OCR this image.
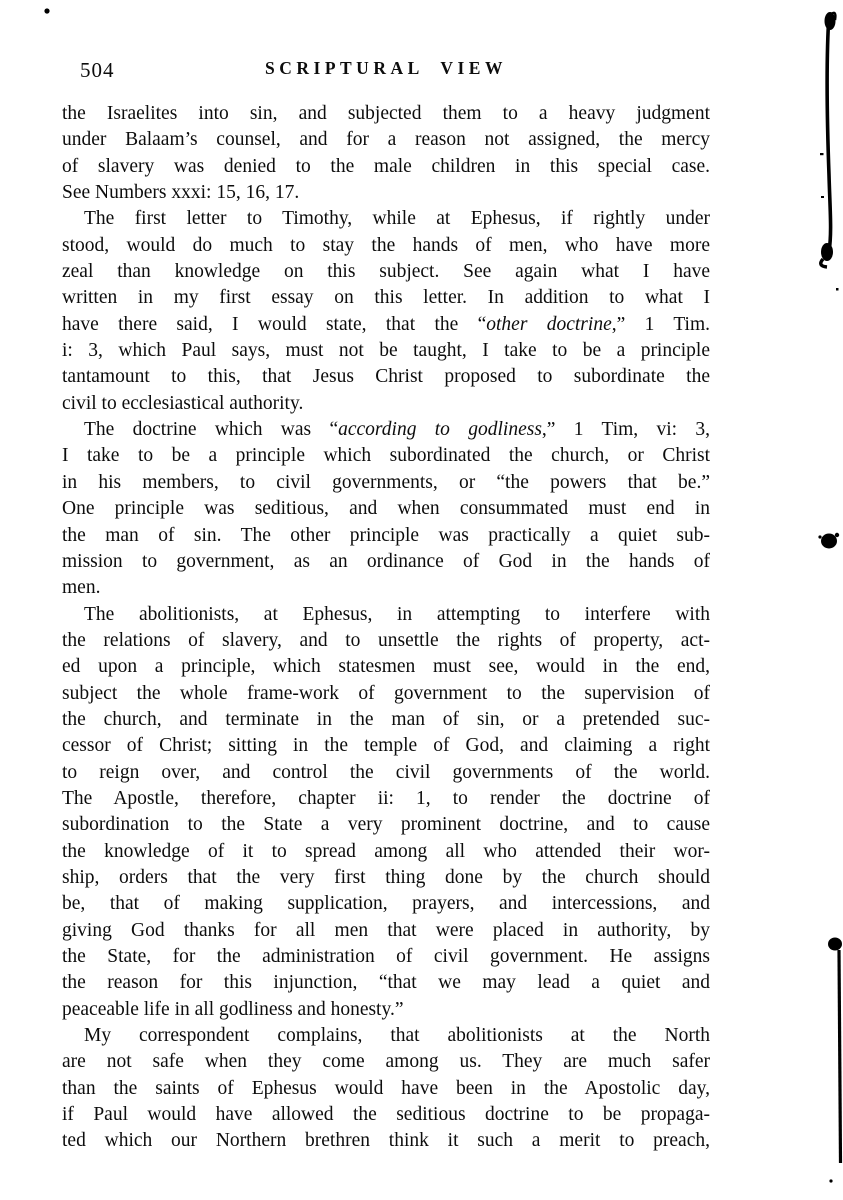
504	SCRIPTURAL VIEW
the Israelites into sin, and subjected them to a heavy judgment
under Balaam’s counsel, and for a reason not assigned, the mercy
of slavery was denied to the male children in this special case.
See Numbers xxxi: 15, 16, 17.
The first letter to Timothy, while at Ephesus, if rightly under
stood, would do much to stay the hands of men, who have more
zeal than knowledge on this subject. See again what I have
written in my first essay on this letter. In addition to what I
have there said, I would state, that the “other doctrine,” 1 Tim.
i: 3, which Paul says, must not be taught, I take to be a principle
tantamount to this, that Jesus Christ proposed to subordinate the
civil to ecclesiastical authority.
The doctrine which was “according to godliness,” 1 Tim, vi: 3,
I take to be a principle which subordinated the church, or Christ
in his members, to civil governments, or “the powers that be.”
One principle was seditious, and when consummated must end in
the man of sin. The other principle was practically a quiet sub-
mission to government, as an ordinance of God in the hands of
men.
The abolitionists, at Ephesus, in attempting to interfere with
the relations of slavery, and to unsettle the rights of property, act-
ed upon a principle, which statesmen must see, would in the end,
subject the whole frame-work of government to the supervision of
the church, and terminate in the man of sin, or a pretended suc-
cessor of Christ; sitting in the temple of God, and claiming a right
to reign over, and control the civil governments of the world.
The Apostle, therefore, chapter ii: 1, to render the doctrine of
subordination to the State a very prominent doctrine, and to cause
the knowledge of it to spread among all who attended their wor-
ship, orders that the very first thing done by the church should
be, that of making supplication, prayers, and intercessions, and
giving God thanks for all men that were placed in authority, by
the State, for the administration of civil government. He assigns
the reason for this injunction, “that we may lead a quiet and
peaceable life in all godliness and honesty.”
My correspondent complains, that abolitionists at the North
are not safe when they come among us. They are much safer
than the saints of Ephesus would have been in the Apostolic day,
if Paul would have allowed the seditious doctrine to be propaga-
ted which our Northern brethren think it such a merit to preach,
